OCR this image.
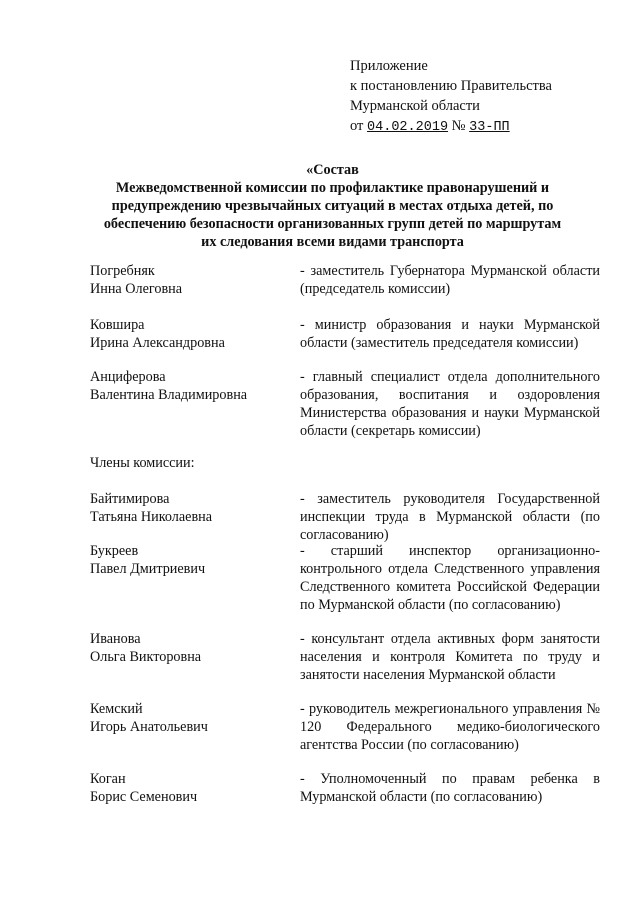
Приложение
к постановлению Правительства
Мурманской области
от 04.02.2019 № 33-ПП
«Состав
Межведомственной комиссии по профилактике правонарушений и
предупреждению чрезвычайных ситуаций в местах отдыха детей, по
обеспечению безопасности организованных групп детей по маршрутам
их следования всеми видами транспорта
Погребняк
Инна Олеговна
- заместитель Губернатора Мурманской области (председатель комиссии)
Ковшира
Ирина Александровна
- министр образования и науки Мурманской области (заместитель председателя комиссии)
Анциферова
Валентина Владимировна
- главный специалист отдела дополнительного образования, воспитания и оздоровления Министерства образования и науки Мурманской области (секретарь комиссии)
Члены комиссии:
Байтимирова
Татьяна Николаевна
- заместитель руководителя Государственной инспекции труда в Мурманской области (по согласованию)
Букреев
Павел Дмитриевич
- старший инспектор организационно-контрольного отдела Следственного управления Следственного комитета Российской Федерации по Мурманской области (по согласованию)
Иванова
Ольга Викторовна
- консультант отдела активных форм занятости населения и контроля Комитета по труду и занятости населения Мурманской области
Кемский
Игорь Анатольевич
- руководитель межрегионального управления № 120 Федерального медико-биологического агентства России (по согласованию)
Коган
Борис Семенович
- Уполномоченный по правам ребенка в Мурманской области (по согласованию)
